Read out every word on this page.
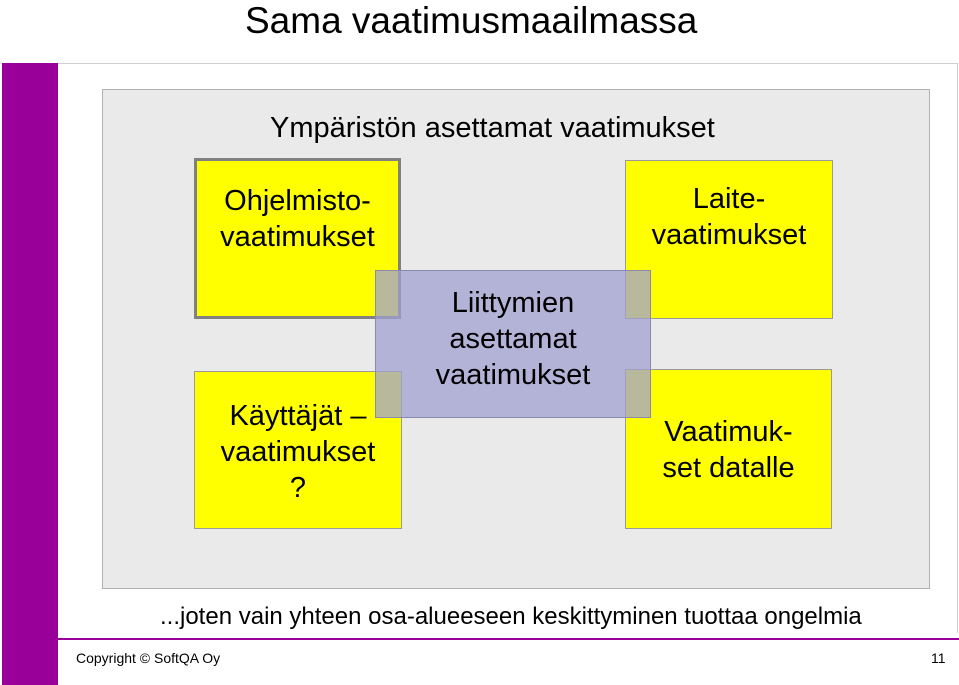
Sama vaatimusmaailmassa
Ympäristön asettamat vaatimukset
Ohjelmisto-
vaatimukset
Käyttäjät –
vaatimukset
?
Laite-
vaatimukset
Vaatimuk-
set datalle
Liittymien
asettamat
vaatimukset
...joten vain yhteen osa-alueeseen keskittyminen tuottaa ongelmia
Copyright © SoftQA Oy	11
